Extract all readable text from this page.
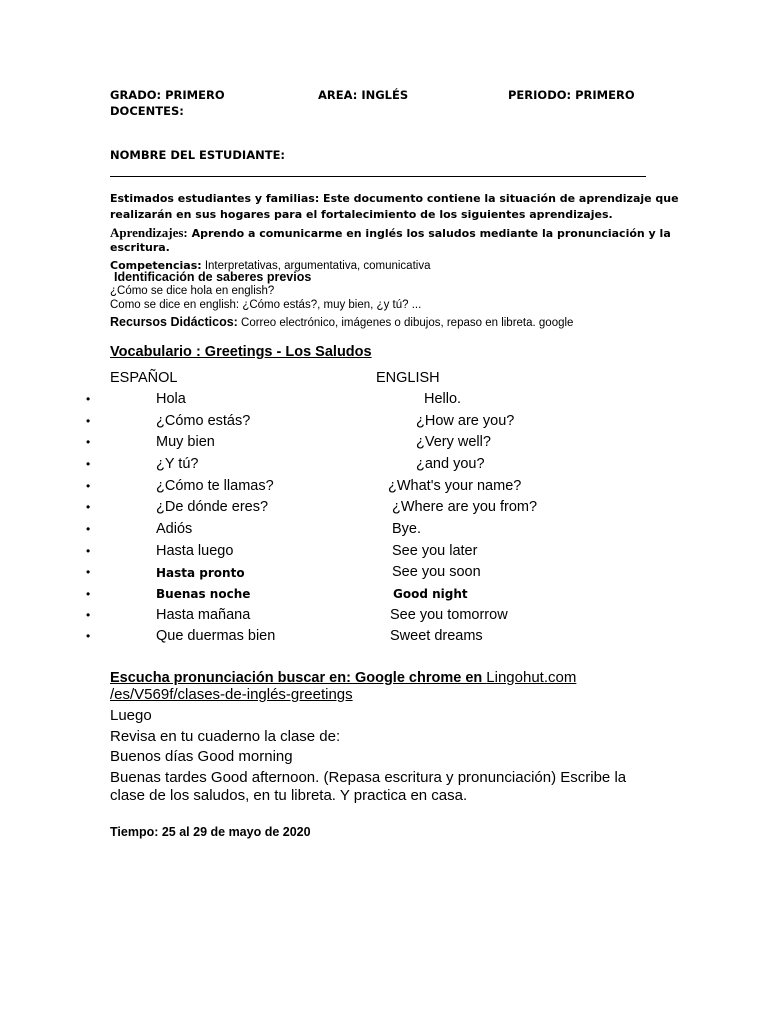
GRADO: PRIMERO	AREA: INGLÉS	PERIODO: PRIMERO
DOCENTES:
NOMBRE DEL ESTUDIANTE:
Estimados estudiantes y familias: Este documento contiene la situación de aprendizaje que
realizarán en sus hogares para el fortalecimiento de los siguientes aprendizajes.
Aprendizajes: Aprendo a comunicarme en inglés los saludos mediante la pronunciación y la
escritura.
Competencias: Interpretativas, argumentativa, comunicativa
Identificación de saberes previos
¿Cómo se dice hola en english?
Como se dice en english: ¿Cómo estás?, muy bien, ¿y tú? ...
Recursos Didácticos: Correo electrónico, imágenes o dibujos, repaso en libreta. google
Vocabulario : Greetings - Los Saludos
ESPAÑOL	ENGLISH
•	Hola	Hello.
•	¿Cómo estás?	¿How are you?
•	Muy bien	¿Very well?
•	¿Y tú?	¿and you?
•	¿Cómo te llamas?	¿What's your name?
•	¿De dónde eres?	¿Where are you from?
•	Adiós	Bye.
•	Hasta luego	See you later
•	Hasta pronto	See you soon
•	Buenas noche	Good night
•	Hasta mañana	See you tomorrow
•	Que duermas bien	Sweet dreams
Escucha pronunciación buscar en: Google chrome en Lingohut.com
/es/V569f/clases-de-inglés-greetings
Luego
Revisa en tu cuaderno la clase de:
Buenos días Good morning
Buenas tardes Good afternoon. (Repasa escritura y pronunciación) Escribe la
clase de los saludos, en tu libreta. Y practica en casa.
Tiempo: 25 al 29 de mayo de 2020
